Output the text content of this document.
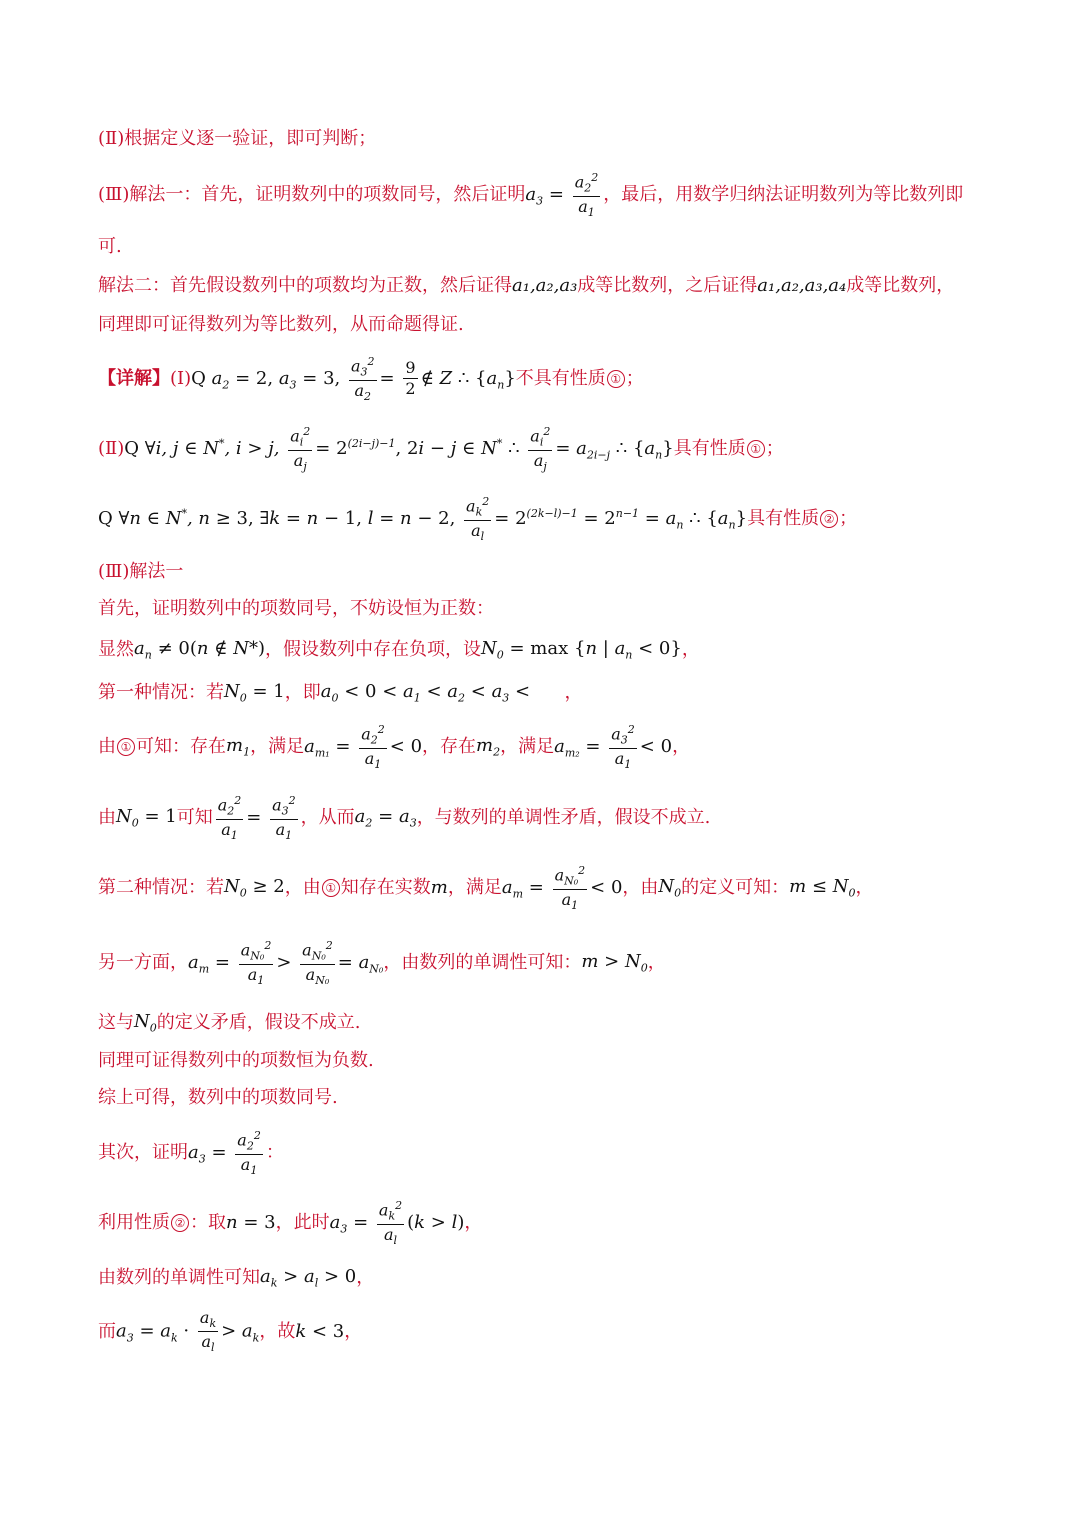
(Ⅱ)根据定义逐一验证，即可判断；
(Ⅲ)解法一：首先，证明数列中的项数同号，然后证明 $a_3 = \frac{a_2^2}{a_1}$ ，最后，用数学归纳法证明数列为等比数列即
可.
解法二：首先假设数列中的项数均为正数，然后证得 a₁,a₂,a₃ 成等比数列，之后证得 a₁,a₂,a₃,a₄ 成等比数列，
同理即可证得数列为等比数列，从而命题得证.
【详解】 (Ⅰ) Q $a_2 = 2$, $a_3 = 3$, $\frac{a_3^2}{a_2} = \frac{9}{2}$ ∉ Z ∴ $\{a_n\}$ 不具有性质 ① ；
(Ⅱ) Q ∀i, j ∈ N*, i > j, $\frac{a_i^2}{a_j} = 2^{(2i-j)-1}$, 2i − j ∈ N* ∴ $\frac{a_i^2}{a_j} = a_{2i-j}$ ∴ $\{a_n\}$ 具有性质 ① ；
Q ∀n ∈ N*, n ≥ 3, ∃k = n − 1, l = n − 2, $\frac{a_k^2}{a_l} = 2^{(2k-l)-1} = 2^{n-1} = a_n$ ∴ $\{a_n\}$ 具有性质 ② ；
(Ⅲ)解法一
首先，证明数列中的项数同号，不妨设恒为正数：
显然 $a_n \ne 0(n$ ∉ N*) ，假设数列中存在负项，设 $N_0 = \max \{n$ | $a_n < 0$} ，
第一种情况：若 $N_0 = 1$ ，即 $a_0 < 0 < a_1 < a_2 < a_3$ <	，
由 ① 可知：存在 $m_1$ ，满足 $a_{m_1} = \frac{a_2^2}{a_1} < 0$ ，存在 $m_2$ ，满足 $a_{m_2} = \frac{a_3^2}{a_1} < 0$ ，
由 $N_0 = 1$ 可知 $\frac{a_2^2}{a_1} = \frac{a_3^2}{a_1}$ ，从而 $a_2 = a_3$ ，与数列的单调性矛盾，假设不成立.
第二种情况：若 $N_0 \ge 2$ ，由 ① 知存在实数 m ，满足 $a_m = \frac{a_{N_0}^2}{a_1} < 0$ ，由 $N_0$ 的定义可知： $m \le N_0$ ，
另一方面， $a_m = \frac{a_{N_0}^2}{a_1} > \frac{a_{N_0}^2}{a_{N_0}} = a_{N_0}$ ，由数列的单调性可知： $m > N_0$ ，
这与 $N_0$ 的定义矛盾，假设不成立.
同理可证得数列中的项数恒为负数.
综上可得，数列中的项数同号.
其次，证明 $a_3 = \frac{a_2^2}{a_1}$ ：
利用性质 ② ：取 n = 3 ，此时 $a_3 = \frac{a_k^2}{a_l} (k > l)$ ，
由数列的单调性可知 $a_k > a_l > 0$ ，
而 $a_3 = a_k \cdot \frac{a_k}{a_l} > a_k$ ，故 k < 3 ，
